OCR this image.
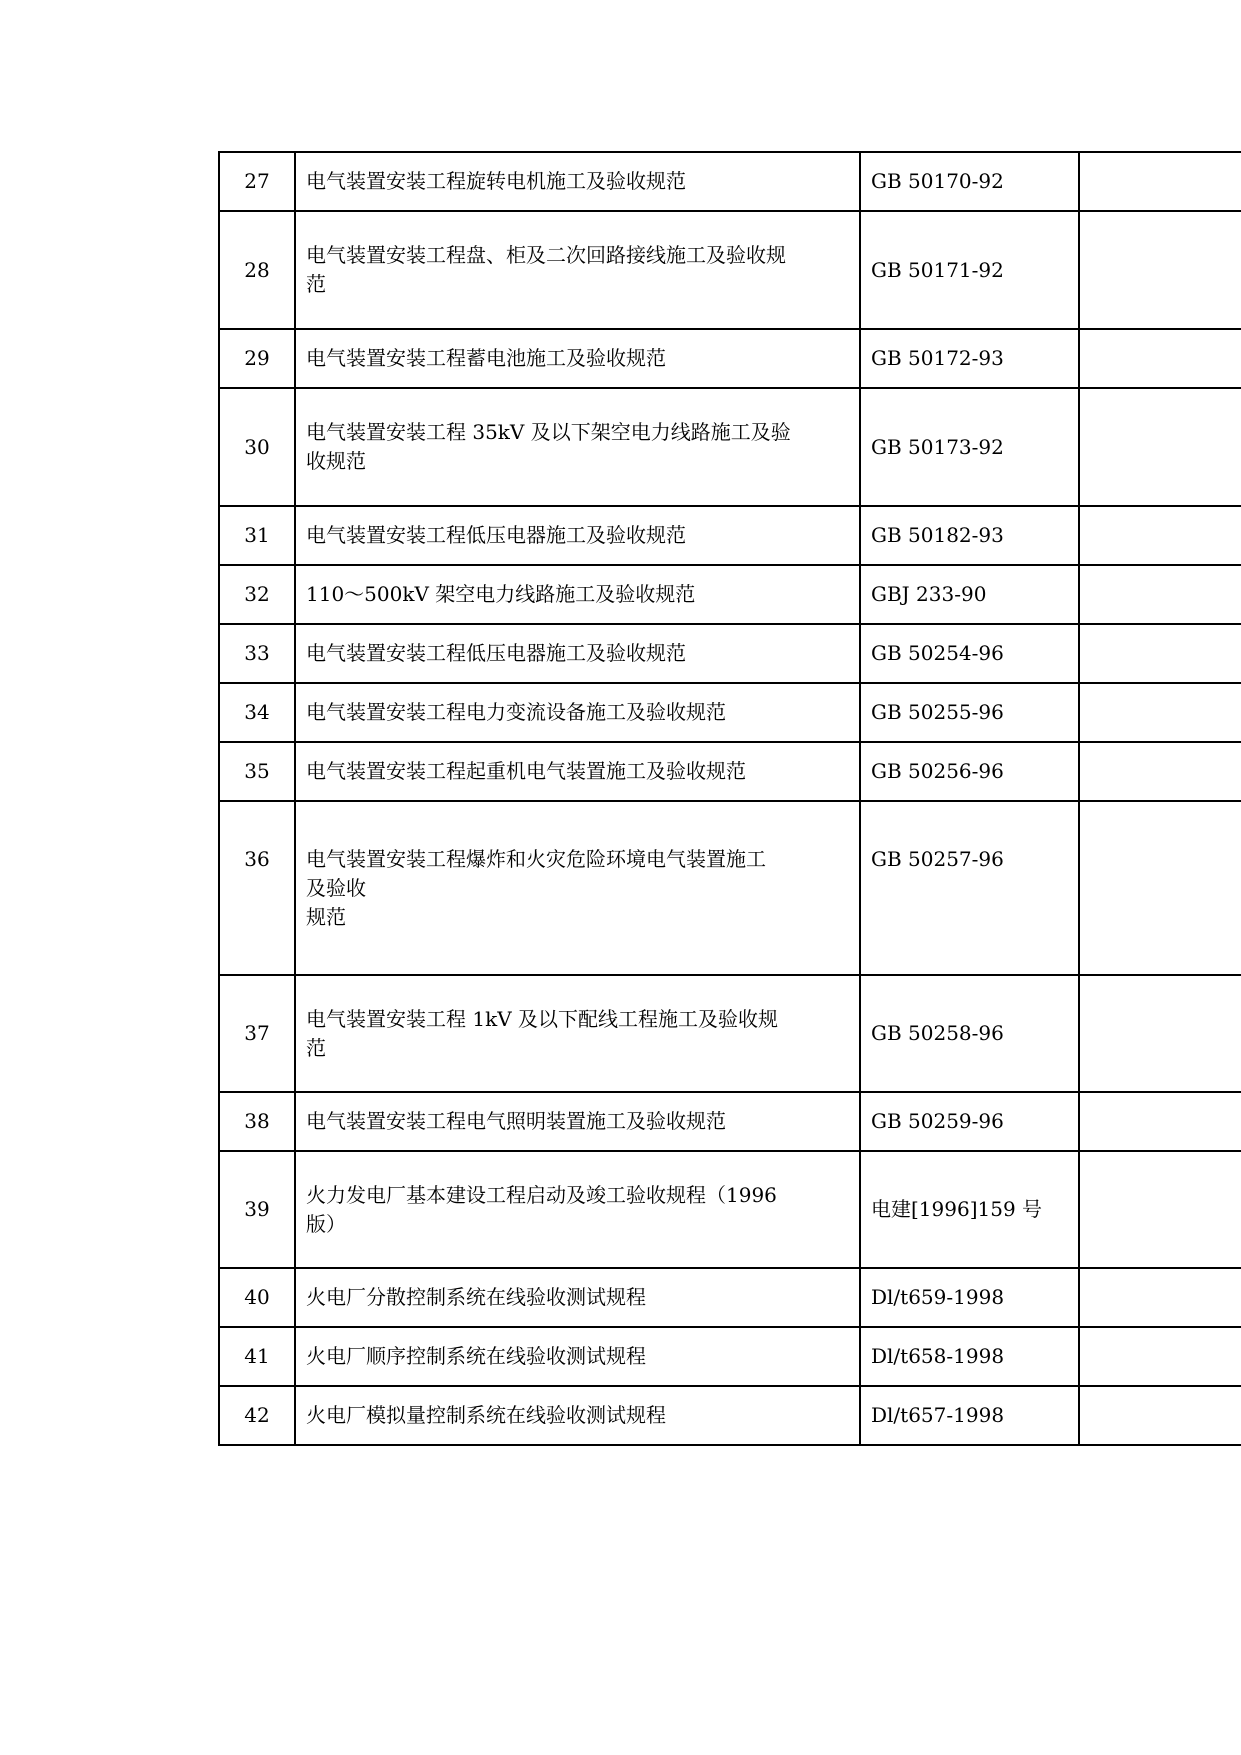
27	电气装置安装工程旋转电机施工及验收规范	GB 50170-92	
28	电气装置安装工程盘、柜及二次回路接线施工及验收规
范	GB 50171-92	
29	电气装置安装工程蓄电池施工及验收规范	GB 50172-93	
30	电气装置安装工程 35kV 及以下架空电力线路施工及验
收规范	GB 50173-92	
31	电气装置安装工程低压电器施工及验收规范	GB 50182-93	
32	110～500kV 架空电力线路施工及验收规范	GBJ 233-90	
33	电气装置安装工程低压电器施工及验收规范	GB 50254-96	
34	电气装置安装工程电力变流设备施工及验收规范	GB 50255-96	
35	电气装置安装工程起重机电气装置施工及验收规范	GB 50256-96	
36	电气装置安装工程爆炸和火灾危险环境电气装置施工
及验收
规范	GB 50257-96	
37	电气装置安装工程 1kV 及以下配线工程施工及验收规
范	GB 50258-96	
38	电气装置安装工程电气照明装置施工及验收规范	GB 50259-96	
39	火力发电厂基本建设工程启动及竣工验收规程（1996
版）	电建[1996]159 号	
40	火电厂分散控制系统在线验收测试规程	Dl/t659-1998	
41	火电厂顺序控制系统在线验收测试规程	Dl/t658-1998	
42	火电厂模拟量控制系统在线验收测试规程	Dl/t657-1998	
